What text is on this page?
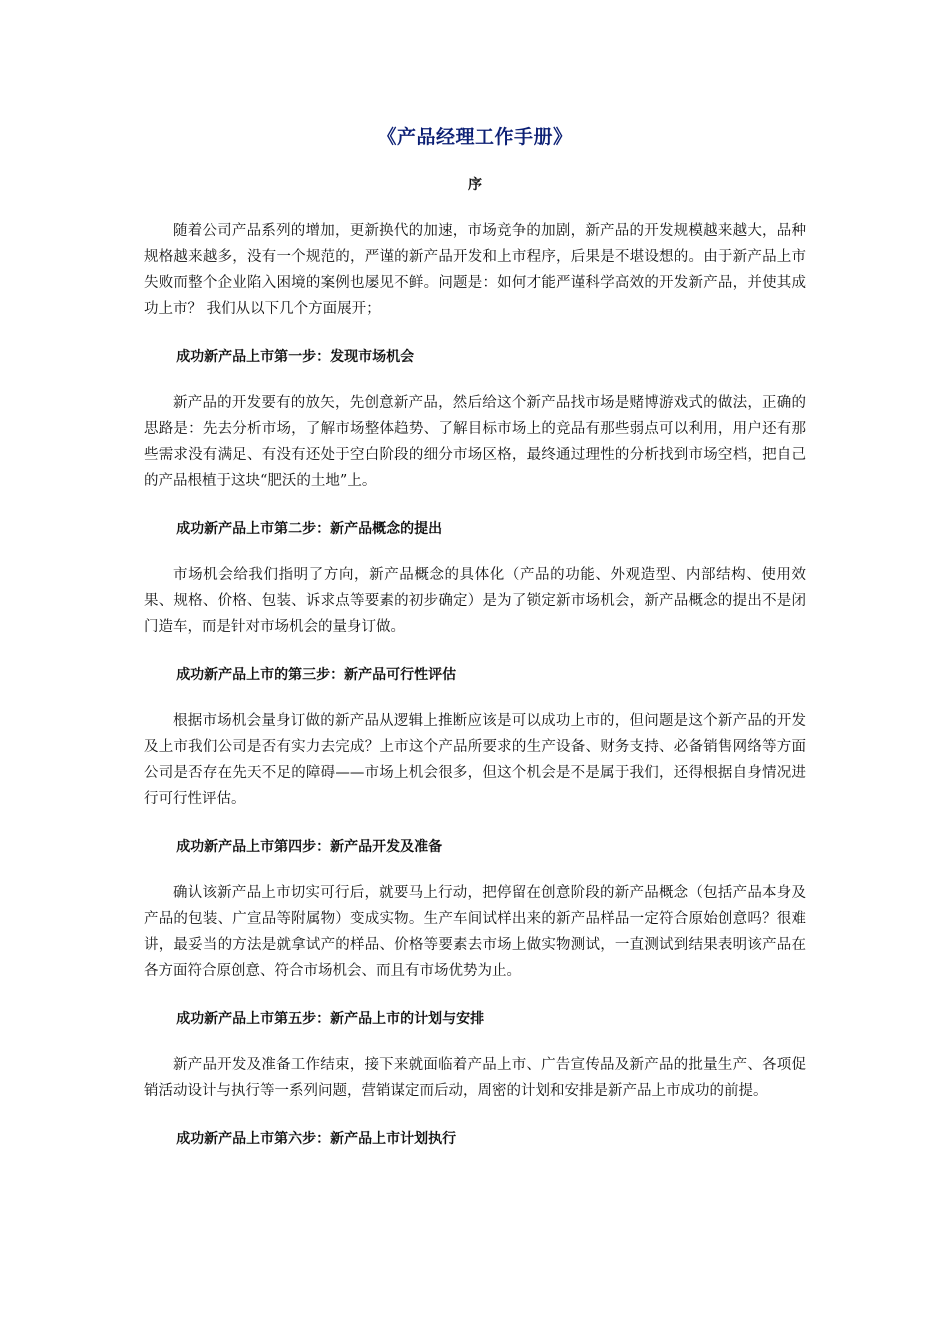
《产品经理工作手册》
序

随着公司产品系列的增加，更新换代的加速，市场竞争的加剧，新产品的开发规模越来越大，品种规格越来越多，没有一个规范的，严谨的新产品开发和上市程序，后果是不堪设想的。由于新产品上市失败而整个企业陷入困境的案例也屡见不鲜。问题是：如何才能严谨科学高效的开发新产品，并使其成功上市？ 我们从以下几个方面展开；

成功新产品上市第一步：发现市场机会

新产品的开发要有的放矢，先创意新产品，然后给这个新产品找市场是赌博游戏式的做法，正确的思路是：先去分析市场，了解市场整体趋势、了解目标市场上的竞品有那些弱点可以利用，用户还有那些需求没有满足、有没有还处于空白阶段的细分市场区格，最终通过理性的分析找到市场空档，把自己的产品根植于这块“肥沃的土地”上。

成功新产品上市第二步：新产品概念的提出

市场机会给我们指明了方向，新产品概念的具体化（产品的功能、外观造型、内部结构、使用效果、规格、价格、包装、诉求点等要素的初步确定）是为了锁定新市场机会，新产品概念的提出不是闭门造车，而是针对市场机会的量身订做。

成功新产品上市的第三步：新产品可行性评估

根据市场机会量身订做的新产品从逻辑上推断应该是可以成功上市的，但问题是这个新产品的开发及上市我们公司是否有实力去完成？上市这个产品所要求的生产设备、财务支持、必备销售网络等方面公司是否存在先天不足的障碍——市场上机会很多，但这个机会是不是属于我们，还得根据自身情况进行可行性评估。

成功新产品上市第四步：新产品开发及准备

确认该新产品上市切实可行后，就要马上行动，把停留在创意阶段的新产品概念（包括产品本身及产品的包装、广宣品等附属物）变成实物。生产车间试样出来的新产品样品一定符合原始创意吗？很难讲，最妥当的方法是就拿试产的样品、价格等要素去市场上做实物测试，一直测试到结果表明该产品在各方面符合原创意、符合市场机会、而且有市场优势为止。

成功新产品上市第五步：新产品上市的计划与安排

新产品开发及准备工作结束，接下来就面临着产品上市、广告宣传品及新产品的批量生产、各项促销活动设计与执行等一系列问题，营销谋定而后动，周密的计划和安排是新产品上市成功的前提。

成功新产品上市第六步：新产品上市计划执行
